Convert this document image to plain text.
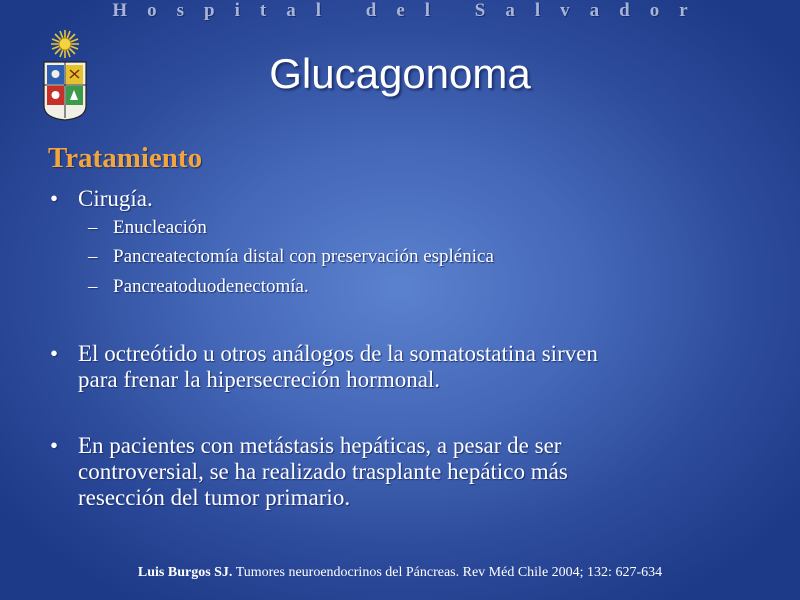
Hospital del Salvador
Glucagonoma
Tratamiento
• Cirugía.
– Enucleación
– Pancreatectomía distal con preservación esplénica
– Pancreatoduodenectomía.
• El octreótido u otros análogos de la somatostatina sirven
para frenar la hipersecreción hormonal.
• En pacientes con metástasis hepáticas, a pesar de ser
controversial, se ha realizado trasplante hepático más
resección del tumor primario.
Luis Burgos SJ. Tumores neuroendocrinos del Páncreas. Rev Méd Chile 2004; 132: 627-634
